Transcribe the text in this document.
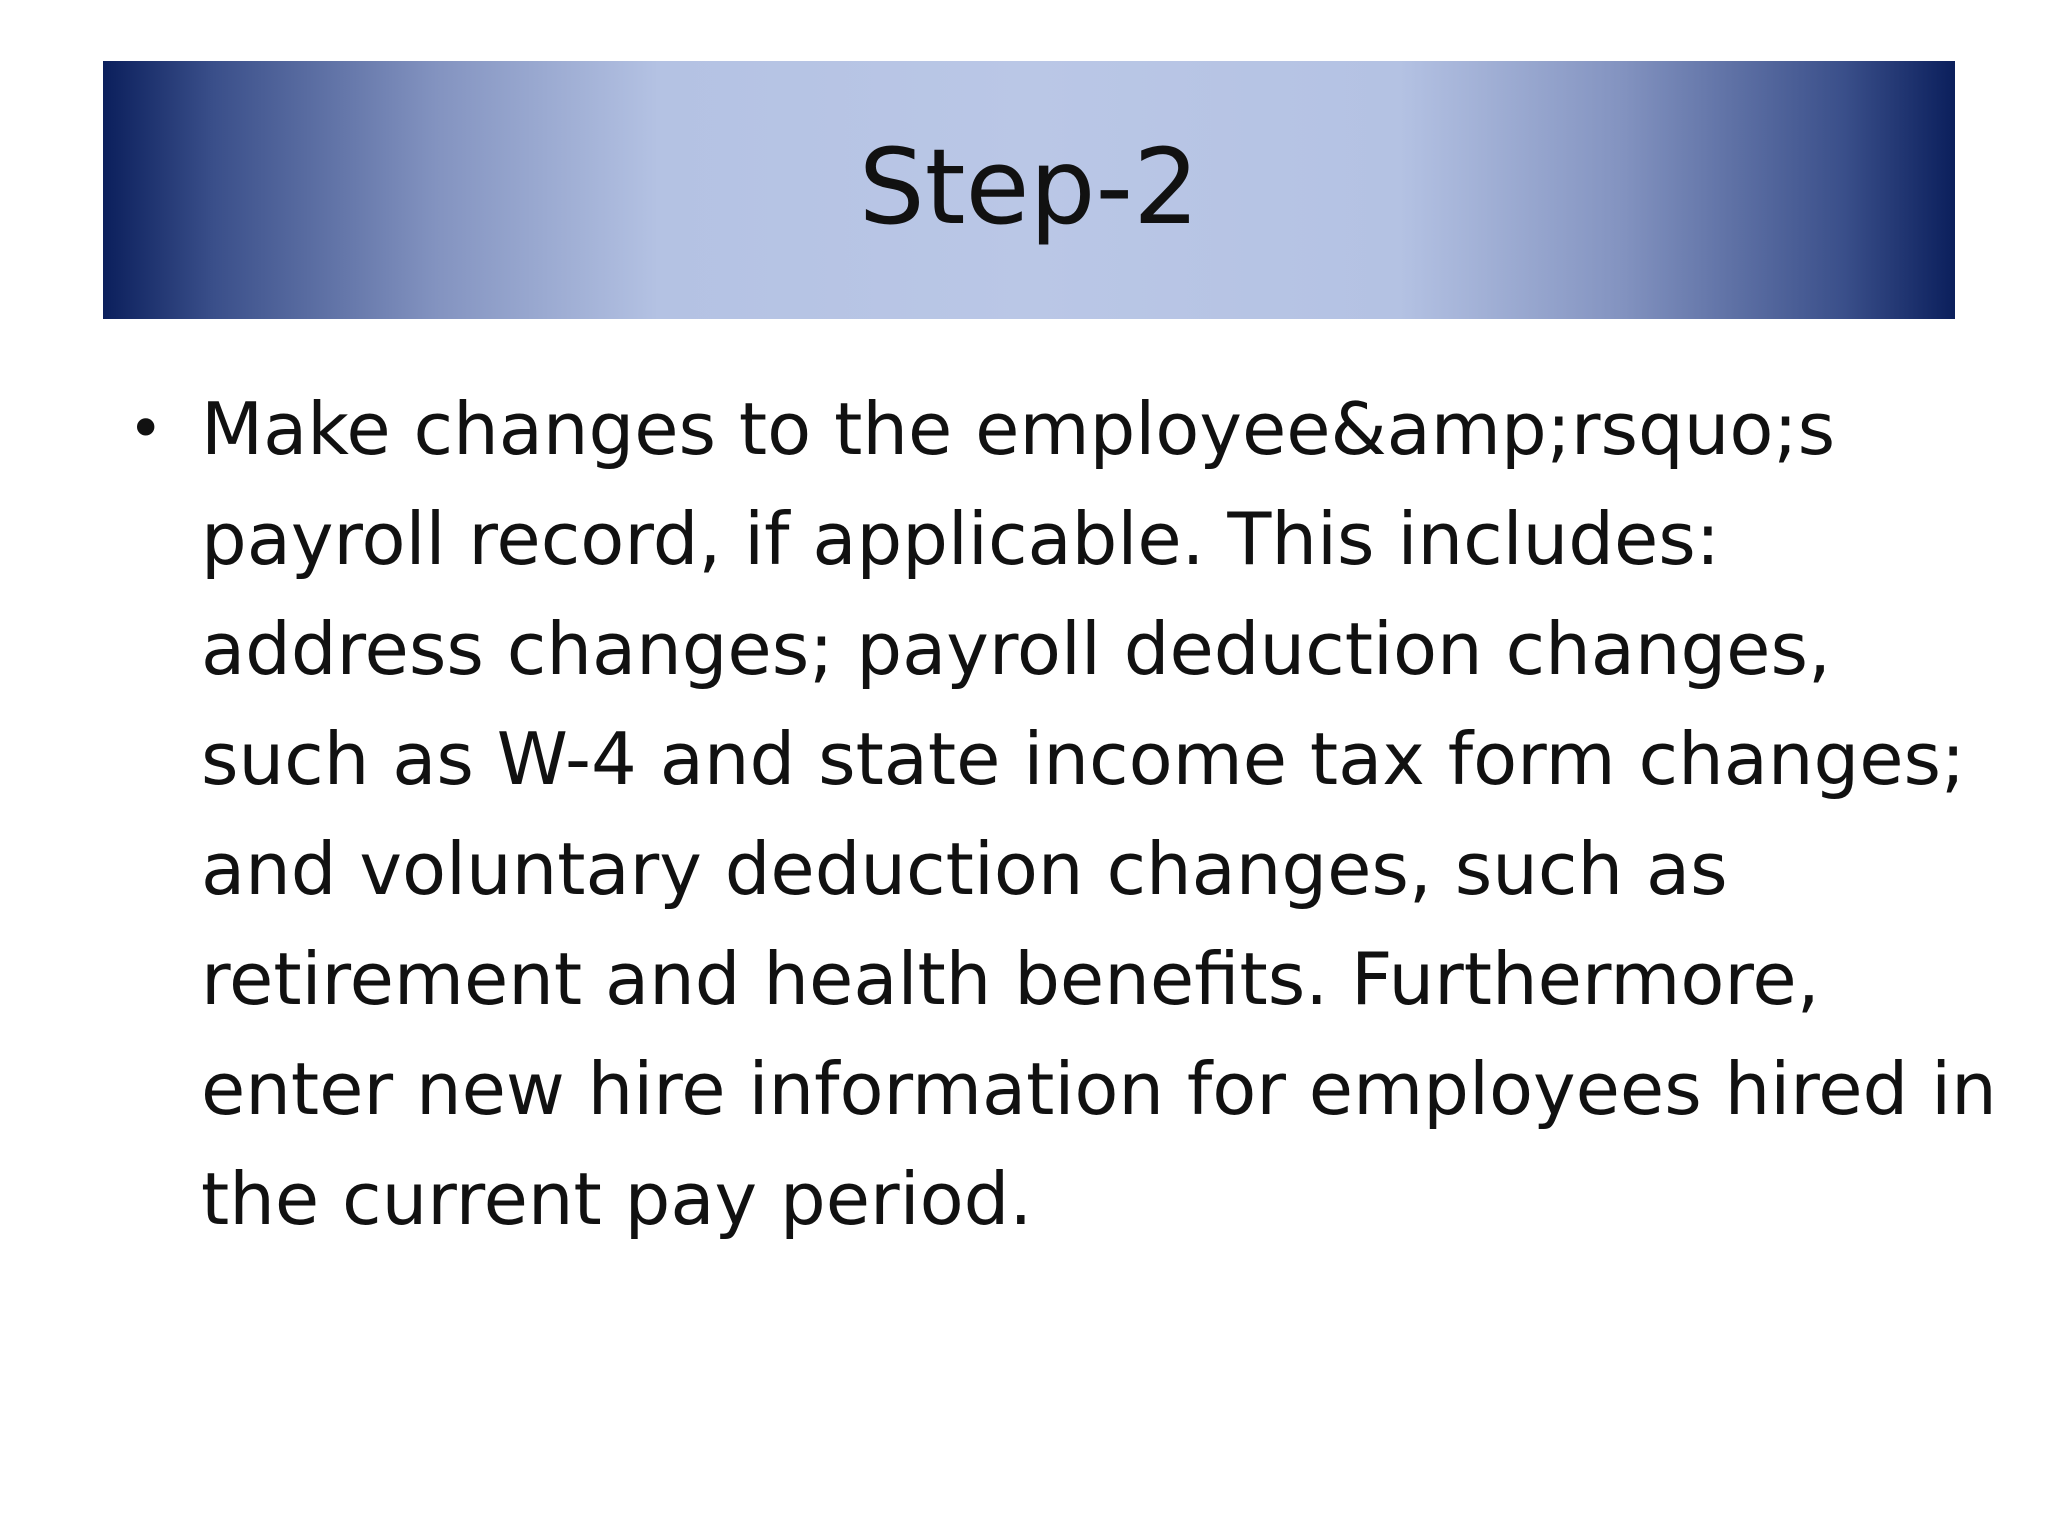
Step-2
• Make changes to the employee&amp;rsquo;s payroll record, if applicable. This includes: address changes; payroll deduction changes, such as W-4 and state income tax form changes; and voluntary deduction changes, such as retirement and health benefits. Furthermore, enter new hire information for employees hired in the current pay period.
